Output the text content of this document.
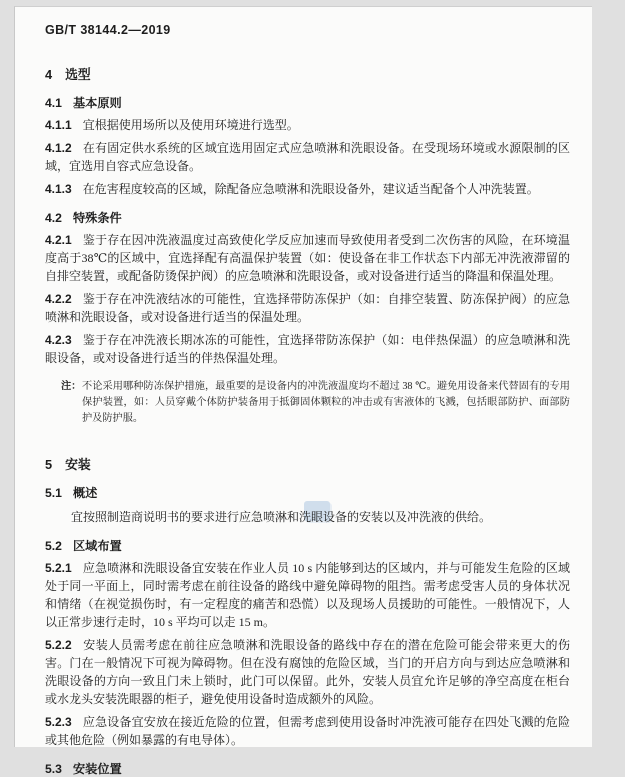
GB/T 38144.2—2019
4 选型
4.1 基本原则

4.1.1 宜根据使用场所以及使用环境进行选型。

4.1.2 在有固定供水系统的区域宜选用固定式应急喷淋和洗眼设备。在受现场环境或水源限制的区域，宜选用自容式应急设备。

4.1.3 在危害程度较高的区域，除配备应急喷淋和洗眼设备外，建议适当配备个人冲洗装置。

4.2 特殊条件

4.2.1 鉴于存在因冲洗液温度过高致使化学反应加速而导致使用者受到二次伤害的风险，在环境温度高于38℃的区域中，宜选择配有高温保护装置（如：使设备在非工作状态下内部无冲洗液滞留的自排空装置，或配备防烫保护阀）的应急喷淋和洗眼设备，或对设备进行适当的降温和保温处理。

4.2.2 鉴于存在冲洗液结冰的可能性，宜选择带防冻保护（如：自排空装置、防冻保护阀）的应急喷淋和洗眼设备，或对设备进行适当的保温处理。

4.2.3 鉴于存在冲洗液长期冰冻的可能性，宜选择带防冻保护（如：电伴热保温）的应急喷淋和洗眼设备，或对设备进行适当的伴热保温处理。

注： 不论采用哪种防冻保护措施，最重要的是设备内的冲洗液温度均不超过 38 ℃。避免用设备来代替固有的专用保护装置，如：人员穿戴个体防护装备用于抵御固体颗粒的冲击或有害液体的飞溅，包括眼部防护、面部防护及防护服。
5 安装
5.1 概述

宜按照制造商说明书的要求进行应急喷淋和洗眼设备的安装以及冲洗液的供给。

5.2 区域布置

5.2.1 应急喷淋和洗眼设备宜安装在作业人员 10 s 内能够到达的区域内，并与可能发生危险的区域处于同一平面上，同时需考虑在前往设备的路线中避免障碍物的阻挡。需考虑受害人员的身体状况和情绪（在视觉损伤时，有一定程度的痛苦和恐慌）以及现场人员援助的可能性。一般情况下，人以正常步速行走时，10 s 平均可以走 15 m。

5.2.2 安装人员需考虑在前往应急喷淋和洗眼设备的路线中存在的潜在危险可能会带来更大的伤害。门在一般情况下可视为障碍物。但在没有腐蚀的危险区域，当门的开启方向与到达应急喷淋和洗眼设备的方向一致且门未上锁时，此门可以保留。此外，安装人员宜允许足够的净空高度在柜台或水龙头安装洗眼器的柜子，避免使用设备时造成额外的风险。

5.2.3 应急设备宜安放在接近危险的位置，但需考虑到使用设备时冲洗液可能存在四处飞溅的危险或其他危险（例如暴露的有电导体）。

5.3 安装位置
